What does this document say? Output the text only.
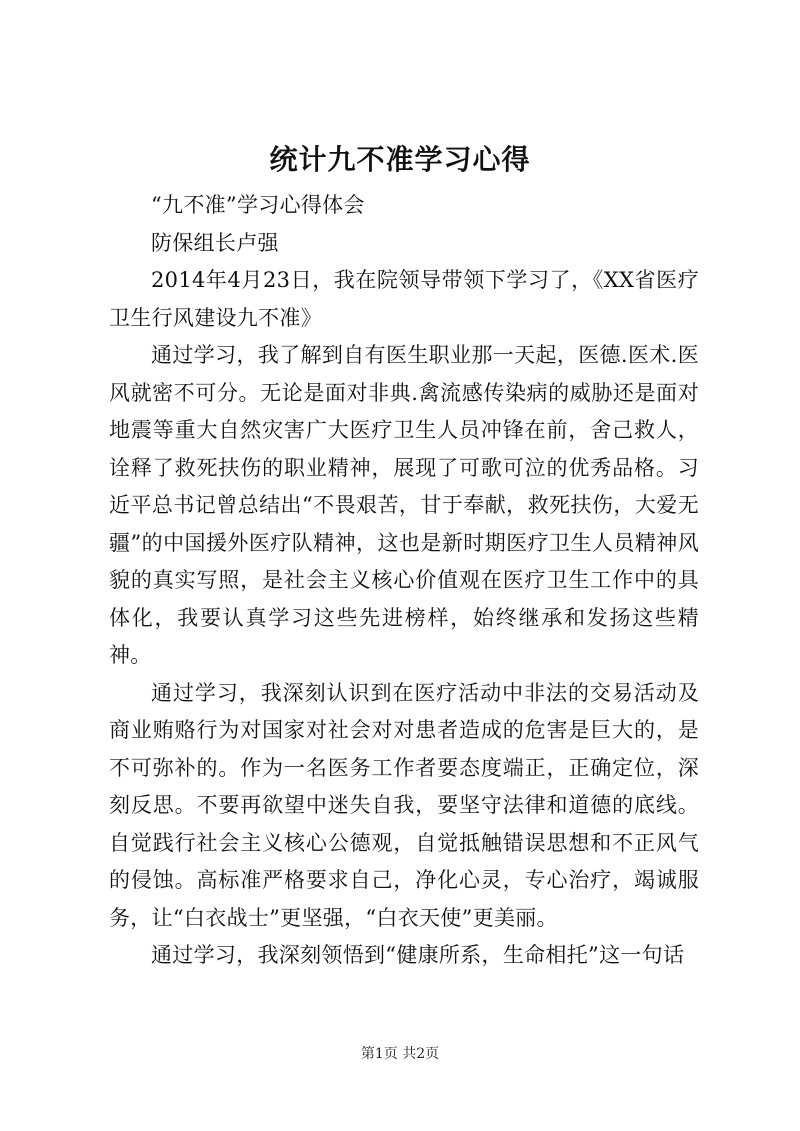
统计九不准学习心得

“九不准”学习心得体会

防保组长卢强

2014年4月23日，我在院领导带领下学习了，《XX省医疗卫生行风建设九不准》

通过学习，我了解到自有医生职业那一天起，医德.医术.医风就密不可分。无论是面对非典.禽流感传染病的威胁还是面对地震等重大自然灾害广大医疗卫生人员冲锋在前，舍己救人，诠释了救死扶伤的职业精神，展现了可歌可泣的优秀品格。习近平总书记曾总结出“不畏艰苦，甘于奉献，救死扶伤，大爱无疆”的中国援外医疗队精神，这也是新时期医疗卫生人员精神风貌的真实写照，是社会主义核心价值观在医疗卫生工作中的具体化，我要认真学习这些先进榜样，始终继承和发扬这些精神。

通过学习，我深刻认识到在医疗活动中非法的交易活动及商业贿赂行为对国家对社会对对患者造成的危害是巨大的，是不可弥补的。作为一名医务工作者要态度端正，正确定位，深刻反思。不要再欲望中迷失自我，要坚守法律和道德的底线。自觉践行社会主义核心公德观，自觉抵触错误思想和不正风气的侵蚀。高标准严格要求自己，净化心灵，专心治疗，竭诚服务，让“白衣战士”更坚强，“白衣天使”更美丽。

通过学习，我深刻领悟到“健康所系，生命相托”这一句话

第1页 共2页
